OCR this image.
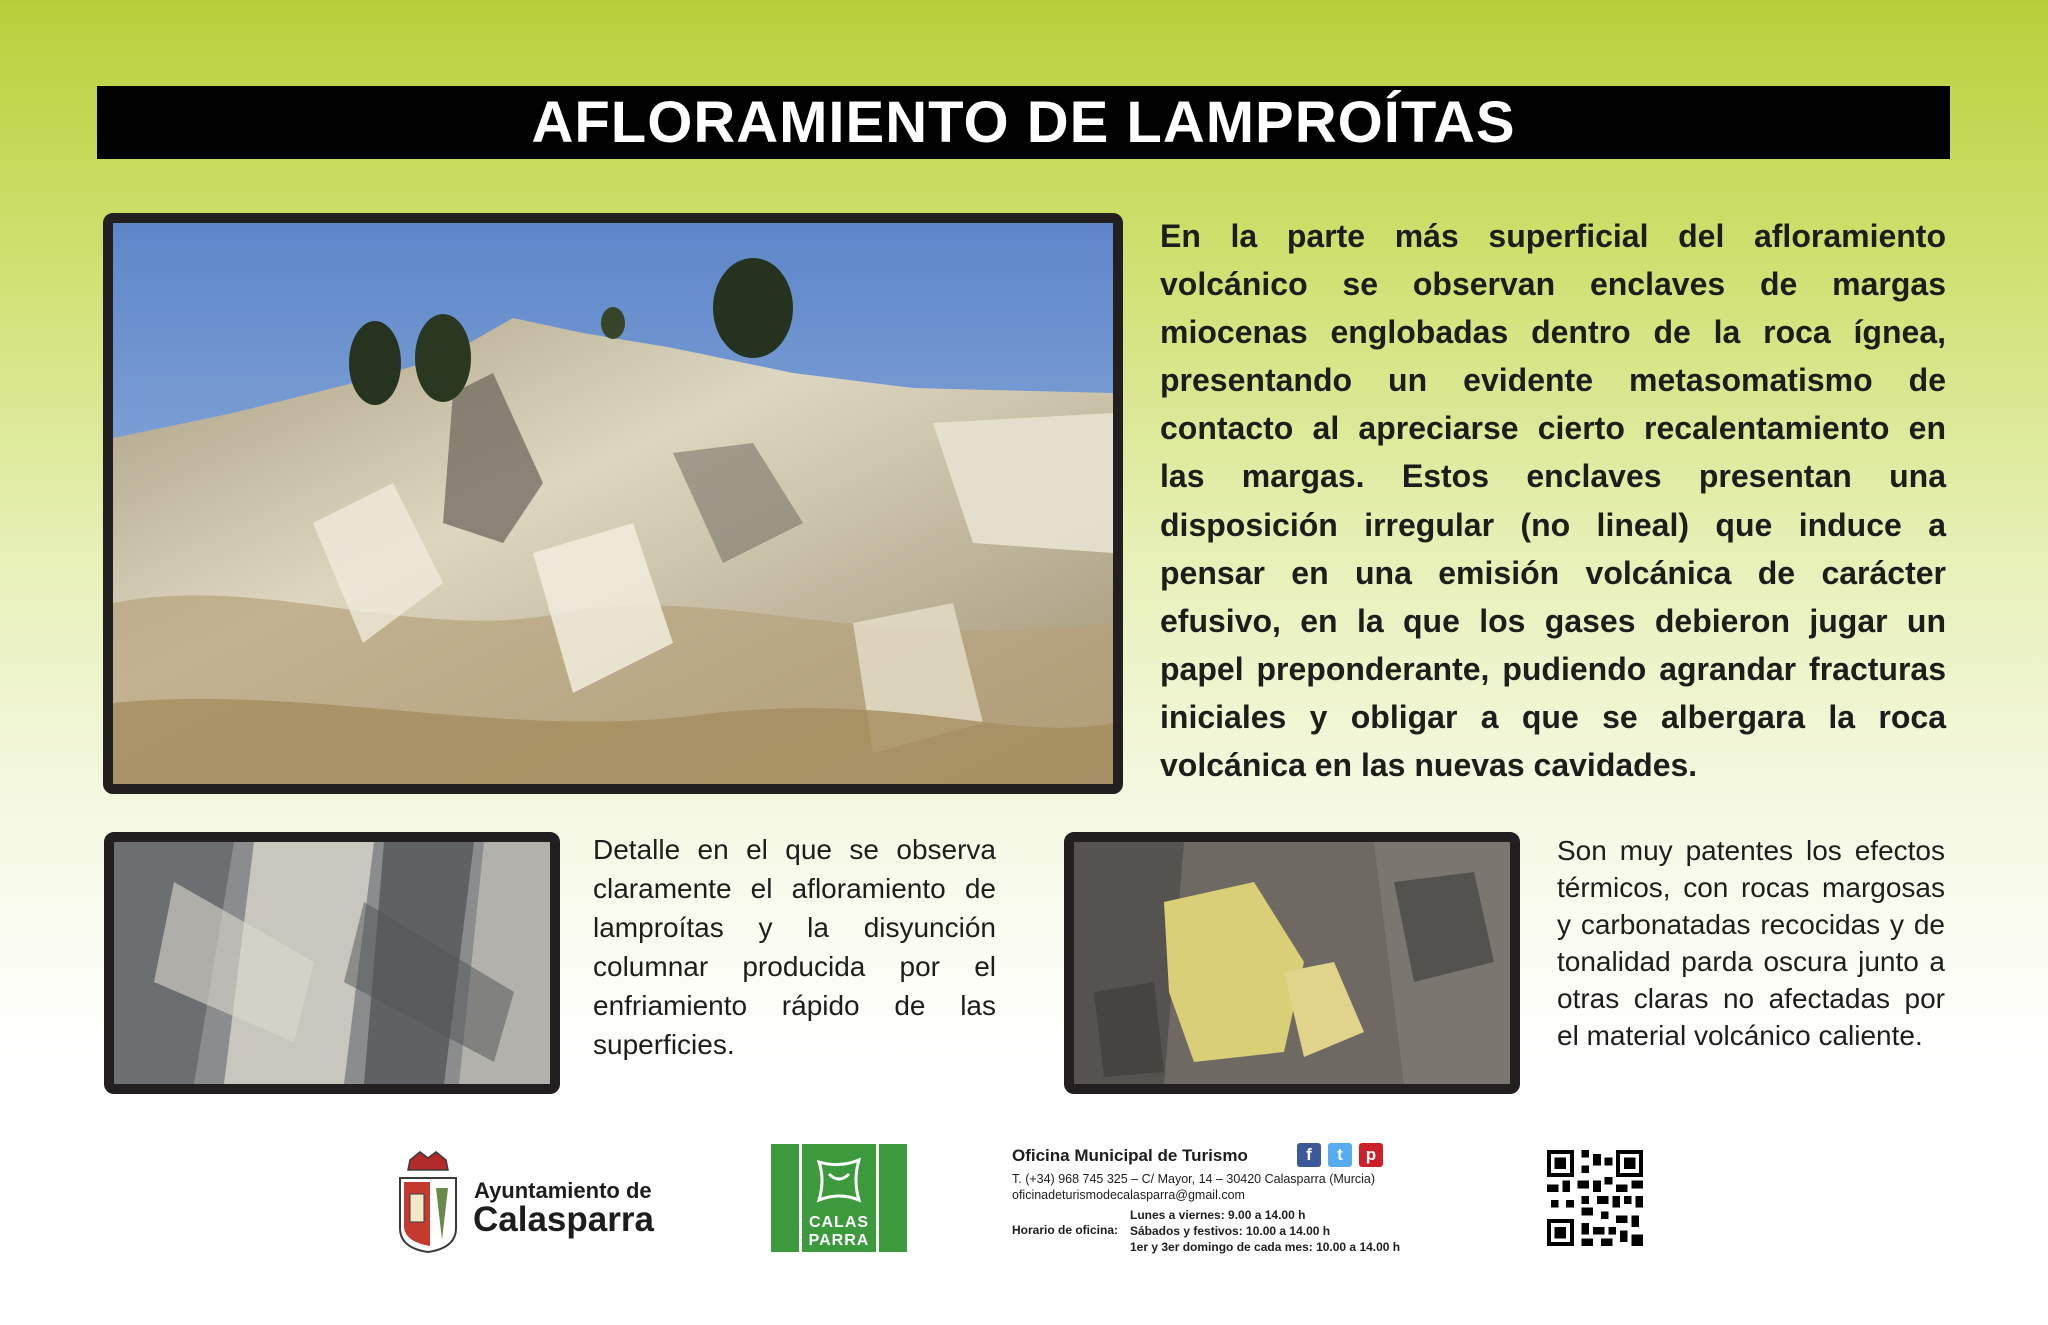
AFLORAMIENTO DE LAMPROÍTAS
En la parte más superficial del afloramiento volcánico se observan enclaves de margas miocenas englobadas dentro de la roca ígnea, presentando un evidente metasomatismo de contacto al apreciarse cierto recalentamiento en las margas. Estos enclaves presentan una disposición irregular (no lineal) que induce a pensar en una emisión volcánica de carácter efusivo, en la que los gases debieron jugar un papel preponderante, pudiendo agrandar fracturas iniciales y obligar a que se albergara la roca volcánica en las nuevas cavidades.
Detalle en el que se observa claramente el afloramiento de lamproítas y la disyunción columnar producida por el enfriamiento rápido de las superficies.
Son muy patentes los efectos térmicos, con rocas margosas y carbonatadas recocidas y de tonalidad parda oscura junto a otras claras no afectadas por el material volcánico caliente.
Ayuntamiento de
Calasparra	CALAS
PARRA
Oficina Municipal de Turismo	f	t	p
T. (+34) 968 745 325 – C/ Mayor, 14 – 30420 Calasparra (Murcia)
oficinadeturismodecalasparra@gmail.com
Horario de oficina:
Lunes a viernes: 9.00 a 14.00 h
Sábados y festivos: 10.00 a 14.00 h
1er y 3er domingo de cada mes: 10.00 a 14.00 h
